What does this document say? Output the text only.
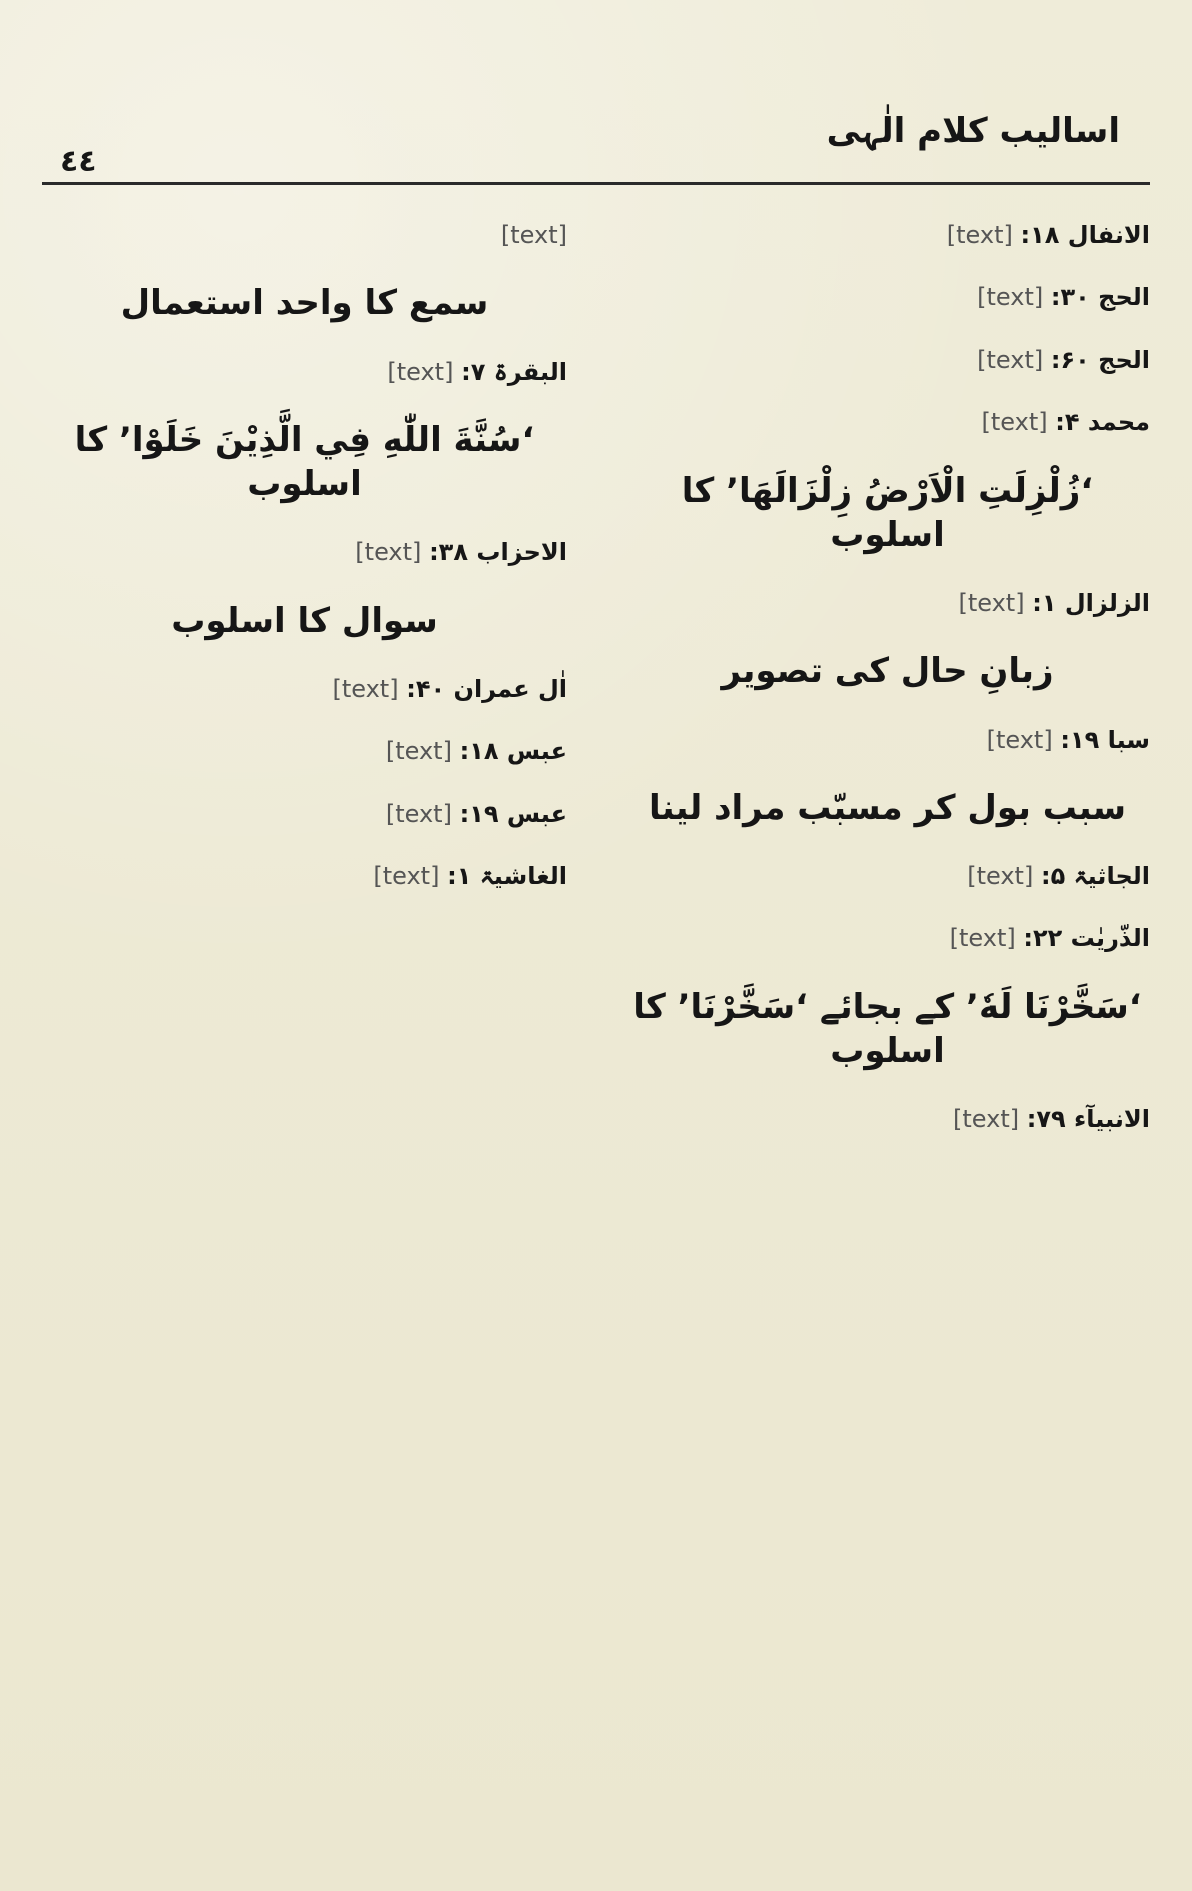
اسالیب کلام الٰہی
٤٤

الانفال ۱۸: [text]

الحج ۳۰: [text]

الحج ۶۰: [text]

محمد ۴: [text]

‘زُلْزِلَتِ الْاَرْضُ زِلْزَالَهَا’ کا اسلوب

الزلزال ۱: [text]

زبانِ حال کی تصویر

سبا ۱۹: [text]

سبب بول کر مسبّب مراد لینا

الجاثیۃ ۵: [text]

الذّریٰت ۲۲: [text]

‘سَخَّرْنَا لَهٗ’ کے بجائے ‘سَخَّرْنَا’ کا اسلوب

الانبیآء ۷۹: [text]

[text]

سمع کا واحد استعمال

البقرۃ ۷: [text]

‘سُنَّةَ اللّٰهِ فِي الَّذِيْنَ خَلَوْا’ کا اسلوب

الاحزاب ۳۸: [text]

سوال کا اسلوب

اٰل عمران ۴۰: [text]

عبس ۱۸: [text]

عبس ۱۹: [text]

الغاشیۃ ۱: [text]
